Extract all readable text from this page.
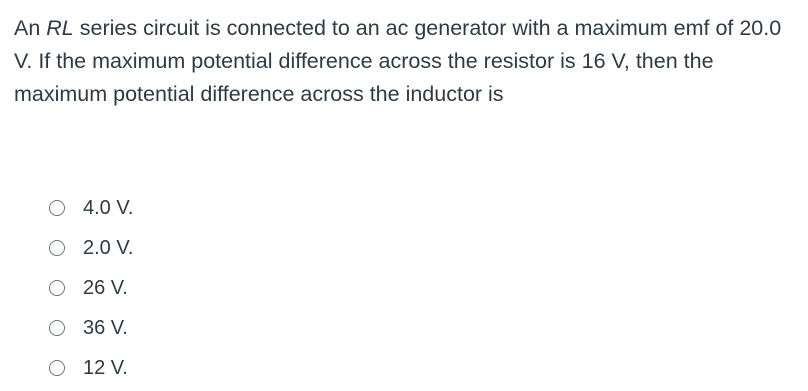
An RL series circuit is connected to an ac generator with a maximum emf of 20.0 V. If the maximum potential difference across the resistor is 16 V, then the maximum potential difference across the inductor is

4.0 V.
2.0 V.
26 V.
36 V.
12 V.
